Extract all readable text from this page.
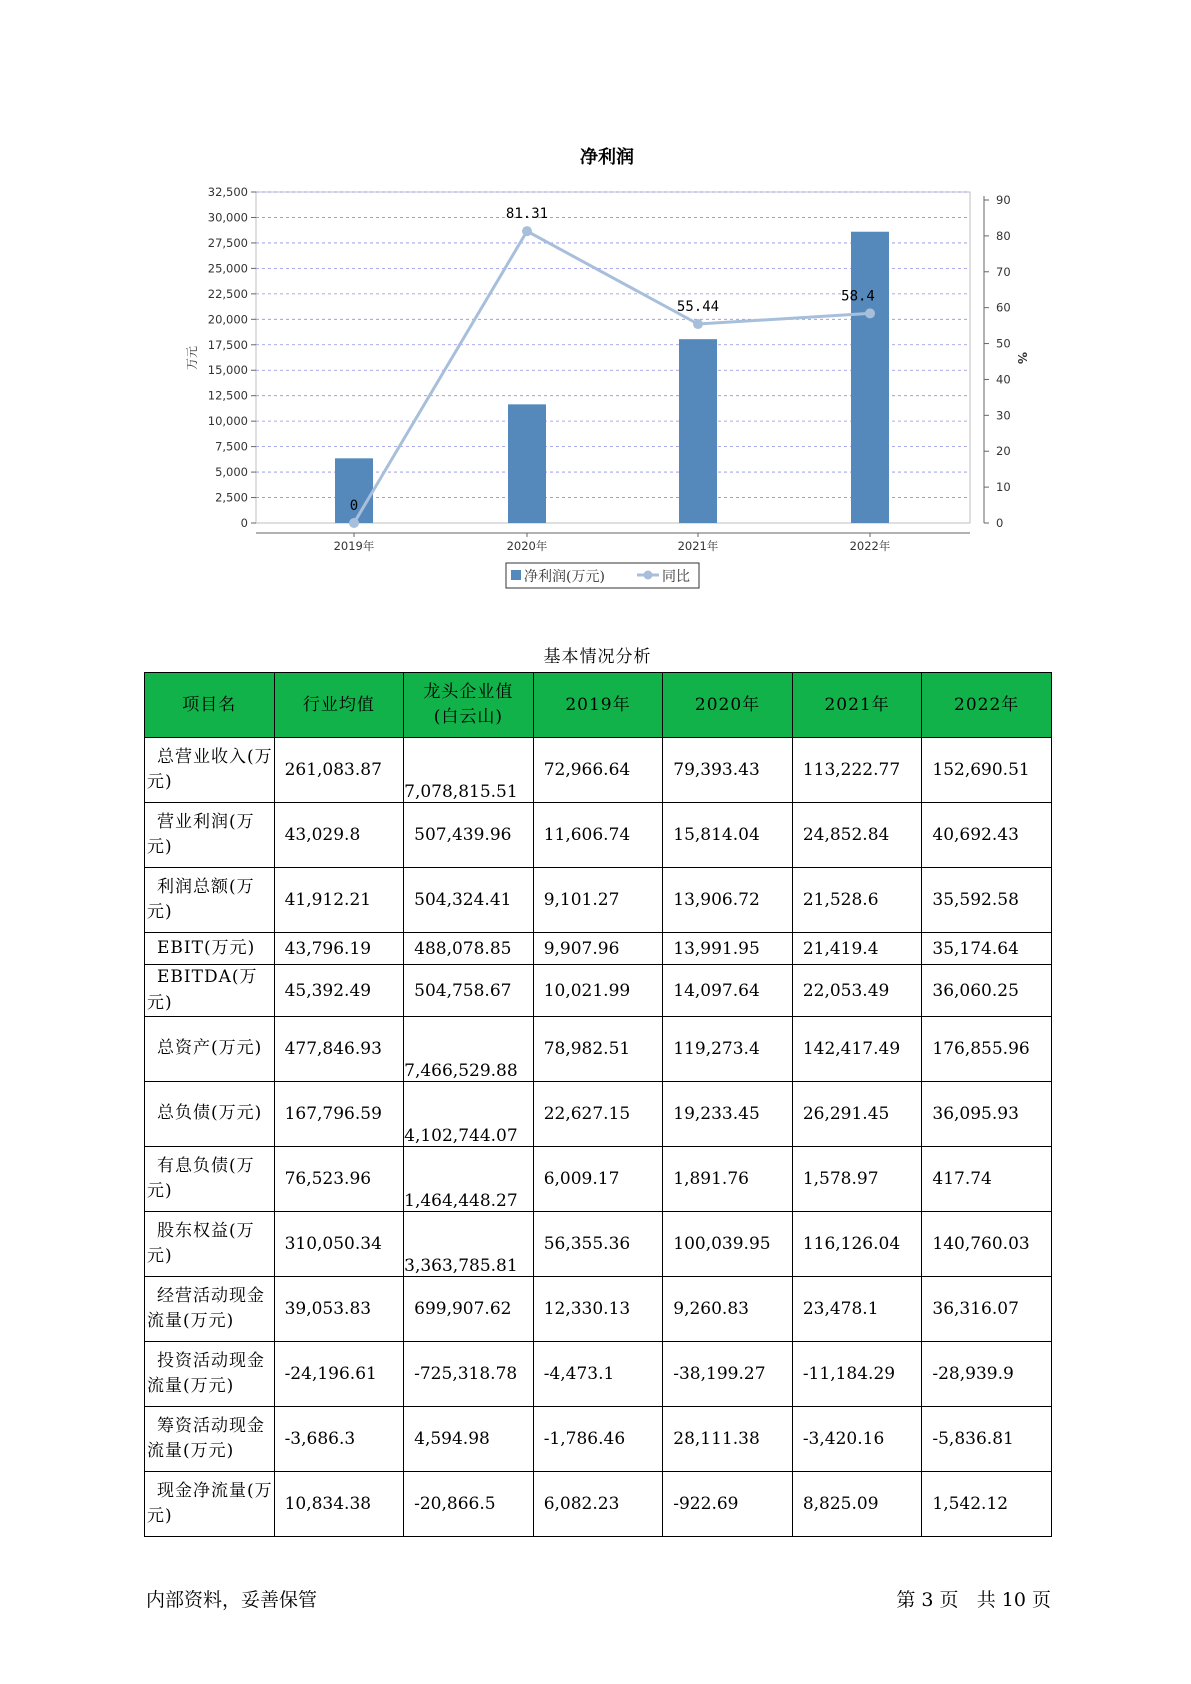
净利润
0
2,500
5,000
7,500
10,000
12,500
15,000
17,500
20,000
22,500
25,000
27,500
30,000
32,500
0
10
20
30
40
50
60
70
80
90
万元	%
2019年	2020年	2021年	2022年
0
81.31
55.44
58.4
净利润(万元)	同比
基本情况分析
项目名	行业均值	龙头企业值(白云山)	2019年	2020年	2021年	2022年
总营业收入(万元)	261,083.87	7,078,815.51	72,966.64	79,393.43	113,222.77	152,690.51
营业利润(万元)	43,029.8	507,439.96	11,606.74	15,814.04	24,852.84	40,692.43
利润总额(万元)	41,912.21	504,324.41	9,101.27	13,906.72	21,528.6	35,592.58
EBIT(万元)	43,796.19	488,078.85	9,907.96	13,991.95	21,419.4	35,174.64
EBITDA(万元)	45,392.49	504,758.67	10,021.99	14,097.64	22,053.49	36,060.25
总资产(万元)	477,846.93	7,466,529.88	78,982.51	119,273.4	142,417.49	176,855.96
总负债(万元)	167,796.59	4,102,744.07	22,627.15	19,233.45	26,291.45	36,095.93
有息负债(万元)	76,523.96	1,464,448.27	6,009.17	1,891.76	1,578.97	417.74
股东权益(万元)	310,050.34	3,363,785.81	56,355.36	100,039.95	116,126.04	140,760.03
经营活动现金流量(万元)	39,053.83	699,907.62	12,330.13	9,260.83	23,478.1	36,316.07
投资活动现金流量(万元)	-24,196.61	-725,318.78	-4,473.1	-38,199.27	-11,184.29	-28,939.9
筹资活动现金流量(万元)	-3,686.3	4,594.98	-1,786.46	28,111.38	-3,420.16	-5,836.81
现金净流量(万元)	10,834.38	-20,866.5	6,082.23	-922.69	8,825.09	1,542.12
内部资料，妥善保管	第 3 页 共 10 页
